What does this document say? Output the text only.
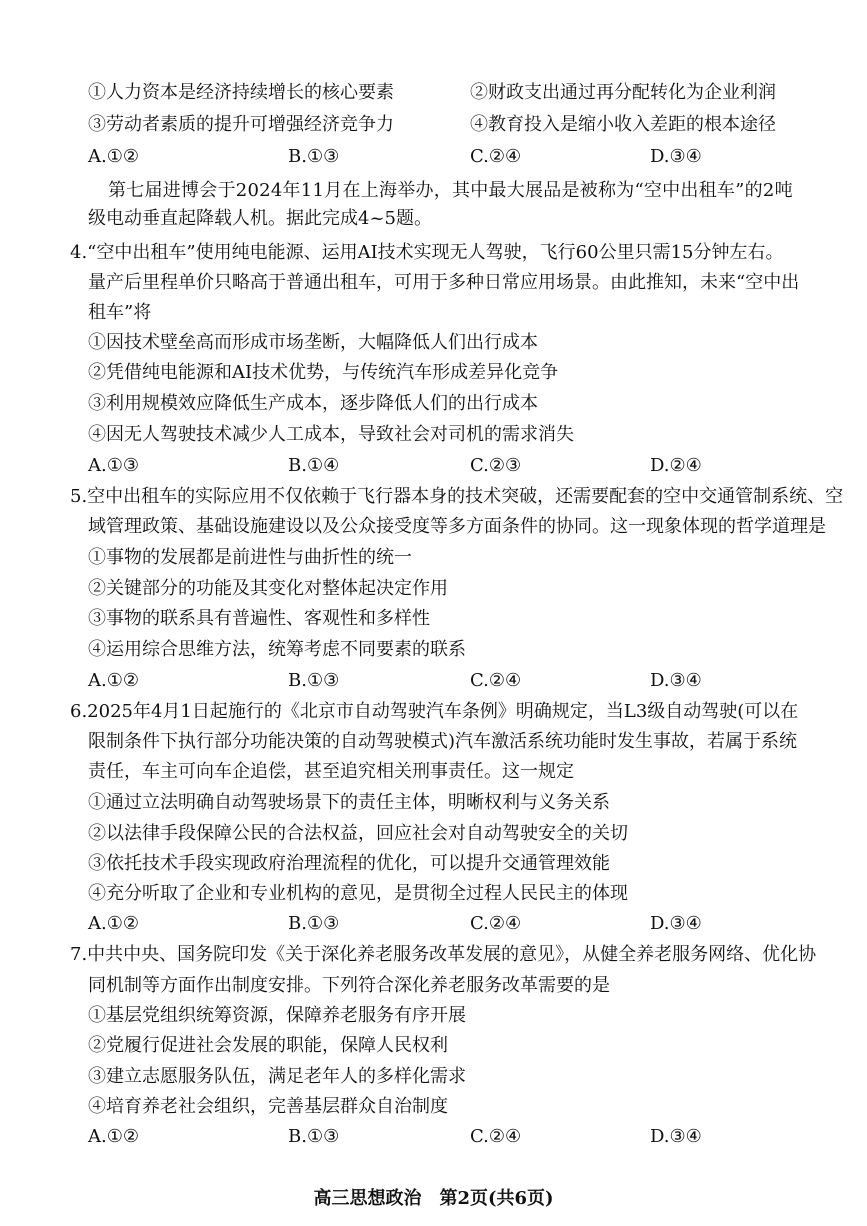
①人力资本是经济持续增长的核心要素	②财政支出通过再分配转化为企业利润
③劳动者素质的提升可增强经济竞争力	④教育投入是缩小收入差距的根本途径
A.①②	B.①③	C.②④	D.③④
第七届进博会于2024年11月在上海举办，其中最大展品是被称为“空中出租车”的2吨
级电动垂直起降载人机。据此完成4~5题。
4.“空中出租车”使用纯电能源、运用AI技术实现无人驾驶，飞行60公里只需15分钟左右。
量产后里程单价只略高于普通出租车，可用于多种日常应用场景。由此推知，未来“空中出
租车”将
①因技术壁垒高而形成市场垄断，大幅降低人们出行成本
②凭借纯电能源和AI技术优势，与传统汽车形成差异化竞争
③利用规模效应降低生产成本，逐步降低人们的出行成本
④因无人驾驶技术减少人工成本，导致社会对司机的需求消失
A.①③	B.①④	C.②③	D.②④
5.空中出租车的实际应用不仅依赖于飞行器本身的技术突破，还需要配套的空中交通管制系统、空
域管理政策、基础设施建设以及公众接受度等多方面条件的协同。这一现象体现的哲学道理是
①事物的发展都是前进性与曲折性的统一
②关键部分的功能及其变化对整体起决定作用
③事物的联系具有普遍性、客观性和多样性
④运用综合思维方法，统筹考虑不同要素的联系
A.①②	B.①③	C.②④	D.③④
6.2025年4月1日起施行的《北京市自动驾驶汽车条例》明确规定，当L3级自动驾驶(可以在
限制条件下执行部分功能决策的自动驾驶模式)汽车激活系统功能时发生事故，若属于系统
责任，车主可向车企追偿，甚至追究相关刑事责任。这一规定
①通过立法明确自动驾驶场景下的责任主体，明晰权利与义务关系
②以法律手段保障公民的合法权益，回应社会对自动驾驶安全的关切
③依托技术手段实现政府治理流程的优化，可以提升交通管理效能
④充分听取了企业和专业机构的意见，是贯彻全过程人民民主的体现
A.①②	B.①③	C.②④	D.③④
7.中共中央、国务院印发《关于深化养老服务改革发展的意见》，从健全养老服务网络、优化协
同机制等方面作出制度安排。下列符合深化养老服务改革需要的是
①基层党组织统筹资源，保障养老服务有序开展
②党履行促进社会发展的职能，保障人民权利
③建立志愿服务队伍，满足老年人的多样化需求
④培育养老社会组织，完善基层群众自治制度
A.①②	B.①③	C.②④	D.③④
高三思想政治　第2页(共6页)
